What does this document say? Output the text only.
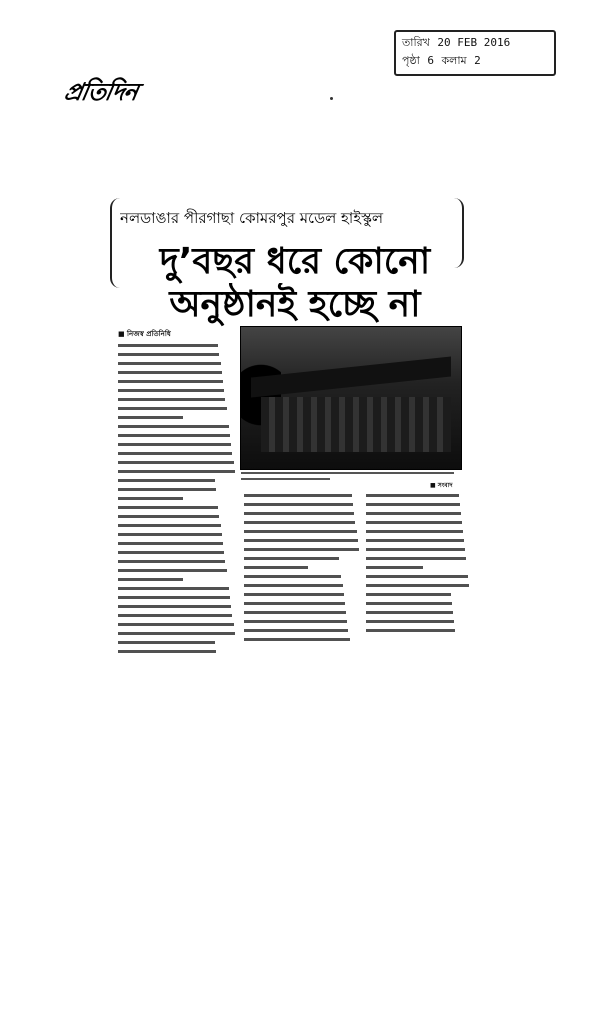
প্রতিদিন
তারিখ 20 FEB 2016
পৃষ্ঠা 6 কলাম 2
নলডাঙার পীরগাছা কোমরপুর মডেল হাইস্কুল
দু’বছর ধরে কোনো
অনুষ্ঠানই হচ্ছে না
■ নিজস্ব প্রতিনিধি
■ সংবাদ
